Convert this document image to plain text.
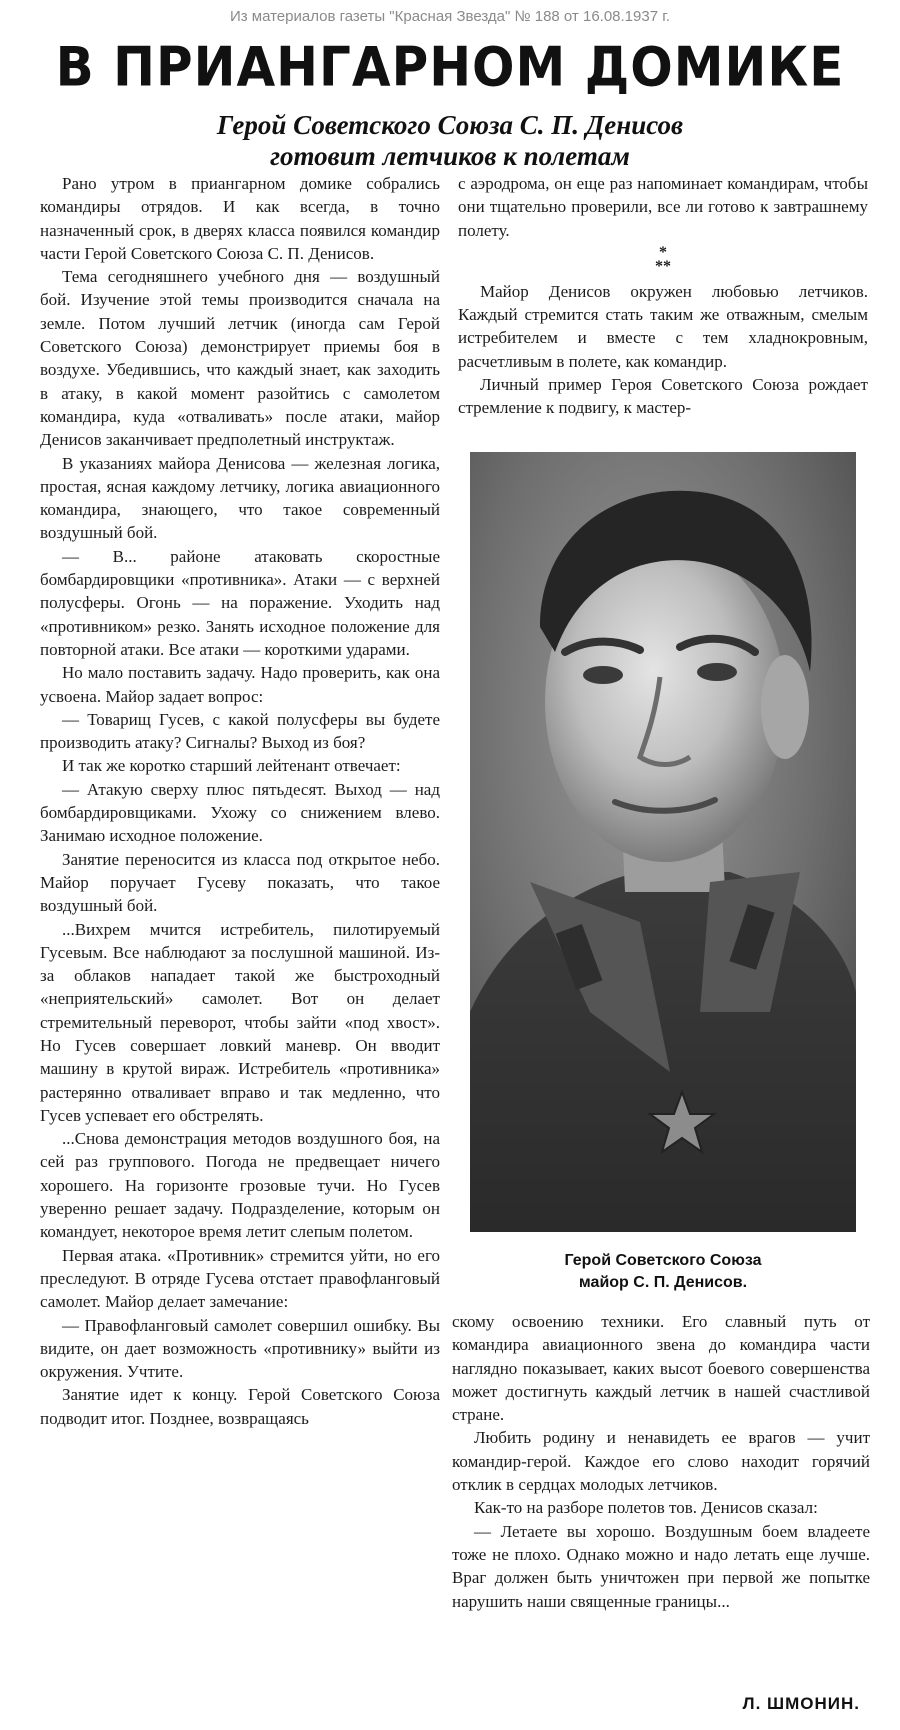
Из материалов газеты "Красная Звезда" № 188 от 16.08.1937 г.
В ПРИАНГАРНОМ ДОМИКЕ
Герой Советского Союза С. П. Денисов
готовит летчиков к полетам

Рано утром в приангарном домике собрались командиры отрядов. И как всегда, в точно назначенный срок, в дверях класса появился командир части Герой Советского Союза С. П. Денисов.

Тема сегодняшнего учебного дня — воздушный бой. Изучение этой темы производится сначала на земле. Потом лучший летчик (иногда сам Герой Советского Союза) демонстрирует приемы боя в воздухе. Убедившись, что каждый знает, как заходить в атаку, в какой момент разойтись с самолетом командира, куда «отваливать» после атаки, майор Денисов заканчивает предполетный инструктаж.

В указаниях майора Денисова — железная логика, простая, ясная каждому летчику, логика авиационного командира, знающего, что такое современный воздушный бой.

— В... районе атаковать скоростные бомбардировщики «противника». Атаки — с верхней полусферы. Огонь — на поражение. Уходить над «противником» резко. Занять исходное положение для повторной атаки. Все атаки — короткими ударами.

Но мало поставить задачу. Надо проверить, как она усвоена. Майор задает вопрос:

— Товарищ Гусев, с какой полусферы вы будете производить атаку? Сигналы? Выход из боя?

И так же коротко старший лейтенант отвечает:

— Атакую сверху плюс пятьдесят. Выход — над бомбардировщиками. Ухожу со снижением влево. Занимаю исходное положение.

Занятие переносится из класса под открытое небо. Майор поручает Гусеву показать, что такое воздушный бой.

...Вихрем мчится истребитель, пилотируемый Гусевым. Все наблюдают за послушной машиной. Из-за облаков нападает такой же быстроходный «неприятельский» самолет. Вот он делает стремительный переворот, чтобы зайти «под хвост». Но Гусев совершает ловкий маневр. Он вводит машину в крутой вираж. Истребитель «противника» растерянно отваливает вправо и так медленно, что Гусев успевает его обстрелять.

...Снова демонстрация методов воздушного боя, на сей раз группового. Погода не предвещает ничего хорошего. На горизонте грозовые тучи. Но Гусев уверенно решает задачу. Подразделение, которым он командует, некоторое время летит слепым полетом.

Первая атака. «Противник» стремится уйти, но его преследуют. В отряде Гусева отстает правофланговый самолет. Майор делает замечание:

— Правофланговый самолет совершил ошибку. Вы видите, он дает возможность «противнику» выйти из окружения. Учтите.

Занятие идет к концу. Герой Советского Союза подводит итог. Позднее, возвращаясь

с аэродрома, он еще раз напоминает командирам, чтобы они тщательно проверили, все ли готово к завтрашнему полету.

*
**

Майор Денисов окружен любовью летчиков. Каждый стремится стать таким же отважным, смелым истребителем и вместе с тем хладнокровным, расчетливым в полете, как командир.

Личный пример Героя Советского Союза рождает стремление к подвигу, к мастер-

Герой Советского Союза
майор С. П. Денисов.

скому освоению техники. Его славный путь от командира авиационного звена до командира части наглядно показывает, каких высот боевого совершенства может достигнуть каждый летчик в нашей счастливой стране.

Любить родину и ненавидеть ее врагов — учит командир-герой. Каждое его слово находит горячий отклик в сердцах молодых летчиков.

Как-то на разборе полетов тов. Денисов сказал:

— Летаете вы хорошо. Воздушным боем владеете тоже не плохо. Однако можно и надо летать еще лучше. Враг должен быть уничтожен при первой же попытке нарушить наши священные границы...

Л. ШМОНИН.
